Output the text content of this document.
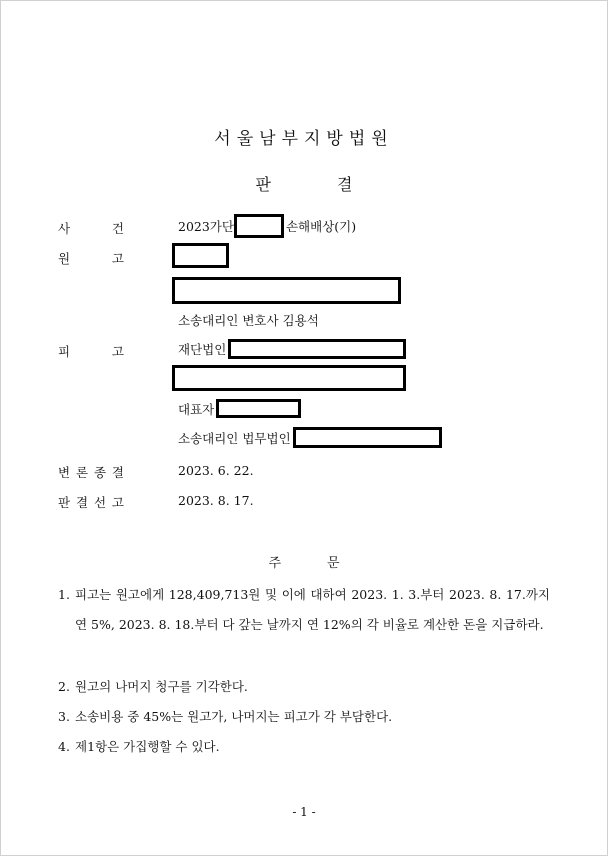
서울남부지방법원
판	결
사	건	2023가단	손해배상(기)
원	고
소송대리인 변호사 김용석
피	고	재단법인
대표자
소송대리인 법무법인
변 론 종 결	2023. 6. 22.
판 결 선 고	2023. 8. 17.
주	문
1. 피고는 원고에게 128,409,713원 및 이에 대하여 2023. 1. 3.부터 2023. 8. 17.까지 연 5%, 2023. 8. 18.부터 다 갚는 날까지 연 12%의 각 비율로 계산한 돈을 지급하라.
2. 원고의 나머지 청구를 기각한다.
3. 소송비용 중 45%는 원고가, 나머지는 피고가 각 부담한다.
4. 제1항은 가집행할 수 있다.
- 1 -
